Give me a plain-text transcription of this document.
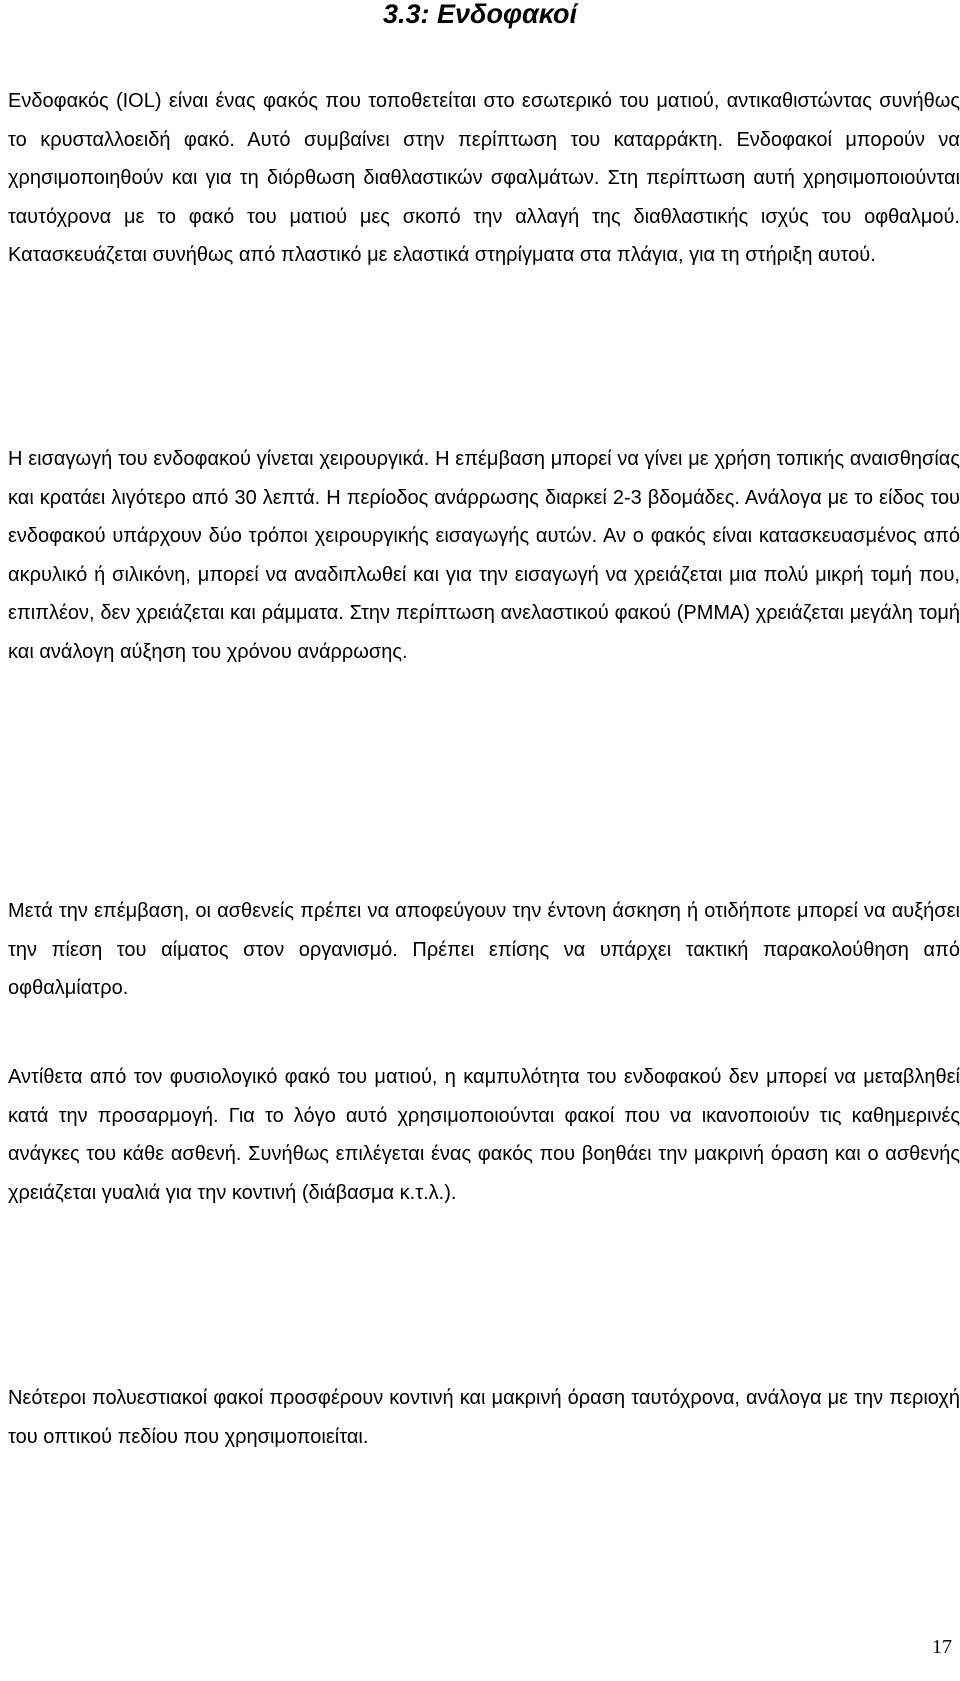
3.3: Ενδοφακοί

Ενδοφακός (IOL) είναι ένας φακός που τοποθετείται στο εσωτερικό του ματιού, αντικαθιστώντας συνήθως το κρυσταλλοειδή φακό. Αυτό συμβαίνει στην περίπτωση του καταρράκτη. Ενδοφακοί μπορούν να χρησιμοποιηθούν και για τη διόρθωση διαθλαστικών σφαλμάτων. Στη περίπτωση αυτή χρησιμοποιούνται ταυτόχρονα με το φακό του ματιού μες σκοπό την αλλαγή της διαθλαστικής ισχύς του οφθαλμού. Κατασκευάζεται συνήθως από πλαστικό με ελαστικά στηρίγματα στα πλάγια, για τη στήριξη αυτού.

Η εισαγωγή του ενδοφακού γίνεται χειρουργικά. Η επέμβαση μπορεί να γίνει με χρήση τοπικής αναισθησίας και κρατάει λιγότερο από 30 λεπτά. Η περίοδος ανάρρωσης διαρκεί 2-3 βδομάδες. Ανάλογα με το είδος του ενδοφακού υπάρχουν δύο τρόποι χειρουργικής εισαγωγής αυτών. Αν ο φακός είναι κατασκευασμένος από ακρυλικό ή σιλικόνη, μπορεί να αναδιπλωθεί και για την εισαγωγή να χρειάζεται μια πολύ μικρή τομή που, επιπλέον, δεν χρειάζεται και ράμματα. Στην περίπτωση ανελαστικού φακού (PMMA) χρειάζεται μεγάλη τομή και ανάλογη αύξηση του χρόνου ανάρρωσης.

Μετά την επέμβαση, οι ασθενείς πρέπει να αποφεύγουν την έντονη άσκηση ή οτιδήποτε μπορεί να αυξήσει την πίεση του αίματος στον οργανισμό. Πρέπει επίσης να υπάρχει τακτική παρακολούθηση από οφθαλμίατρο.

Αντίθετα από τον φυσιολογικό φακό του ματιού, η καμπυλότητα του ενδοφακού δεν μπορεί να μεταβληθεί κατά την προσαρμογή. Για το λόγο αυτό χρησιμοποιούνται φακοί που να ικανοποιούν τις καθημερινές ανάγκες του κάθε ασθενή. Συνήθως επιλέγεται ένας φακός που βοηθάει την μακρινή όραση και ο ασθενής χρειάζεται γυαλιά για την κοντινή (διάβασμα κ.τ.λ.).

Νεότεροι πολυεστιακοί φακοί προσφέρουν κοντινή και μακρινή όραση ταυτόχρονα, ανάλογα με την περιοχή του οπτικού πεδίου που χρησιμοποιείται.

17
